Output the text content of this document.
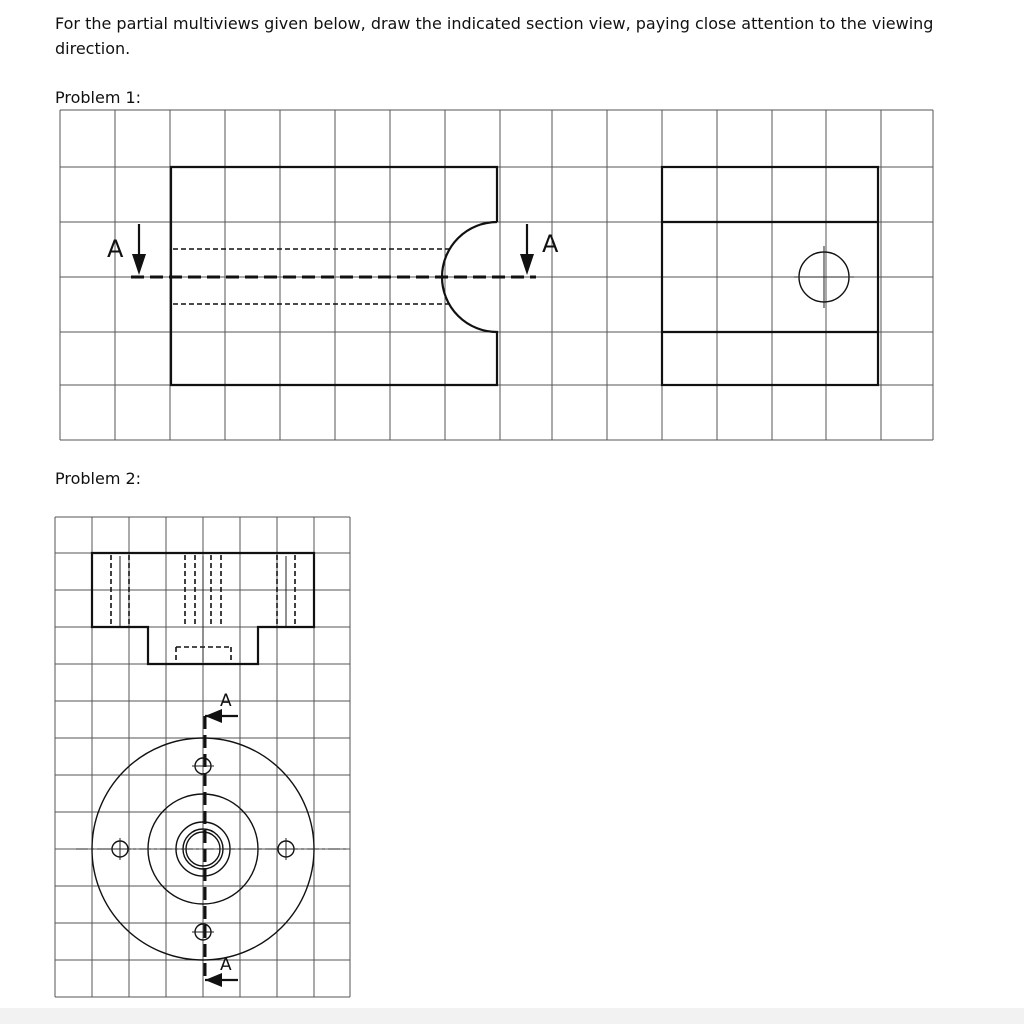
For the partial multiviews given below, draw the indicated section view, paying close attention to the viewing direction.

Problem 1:

Problem 2:

A	A
A
A
